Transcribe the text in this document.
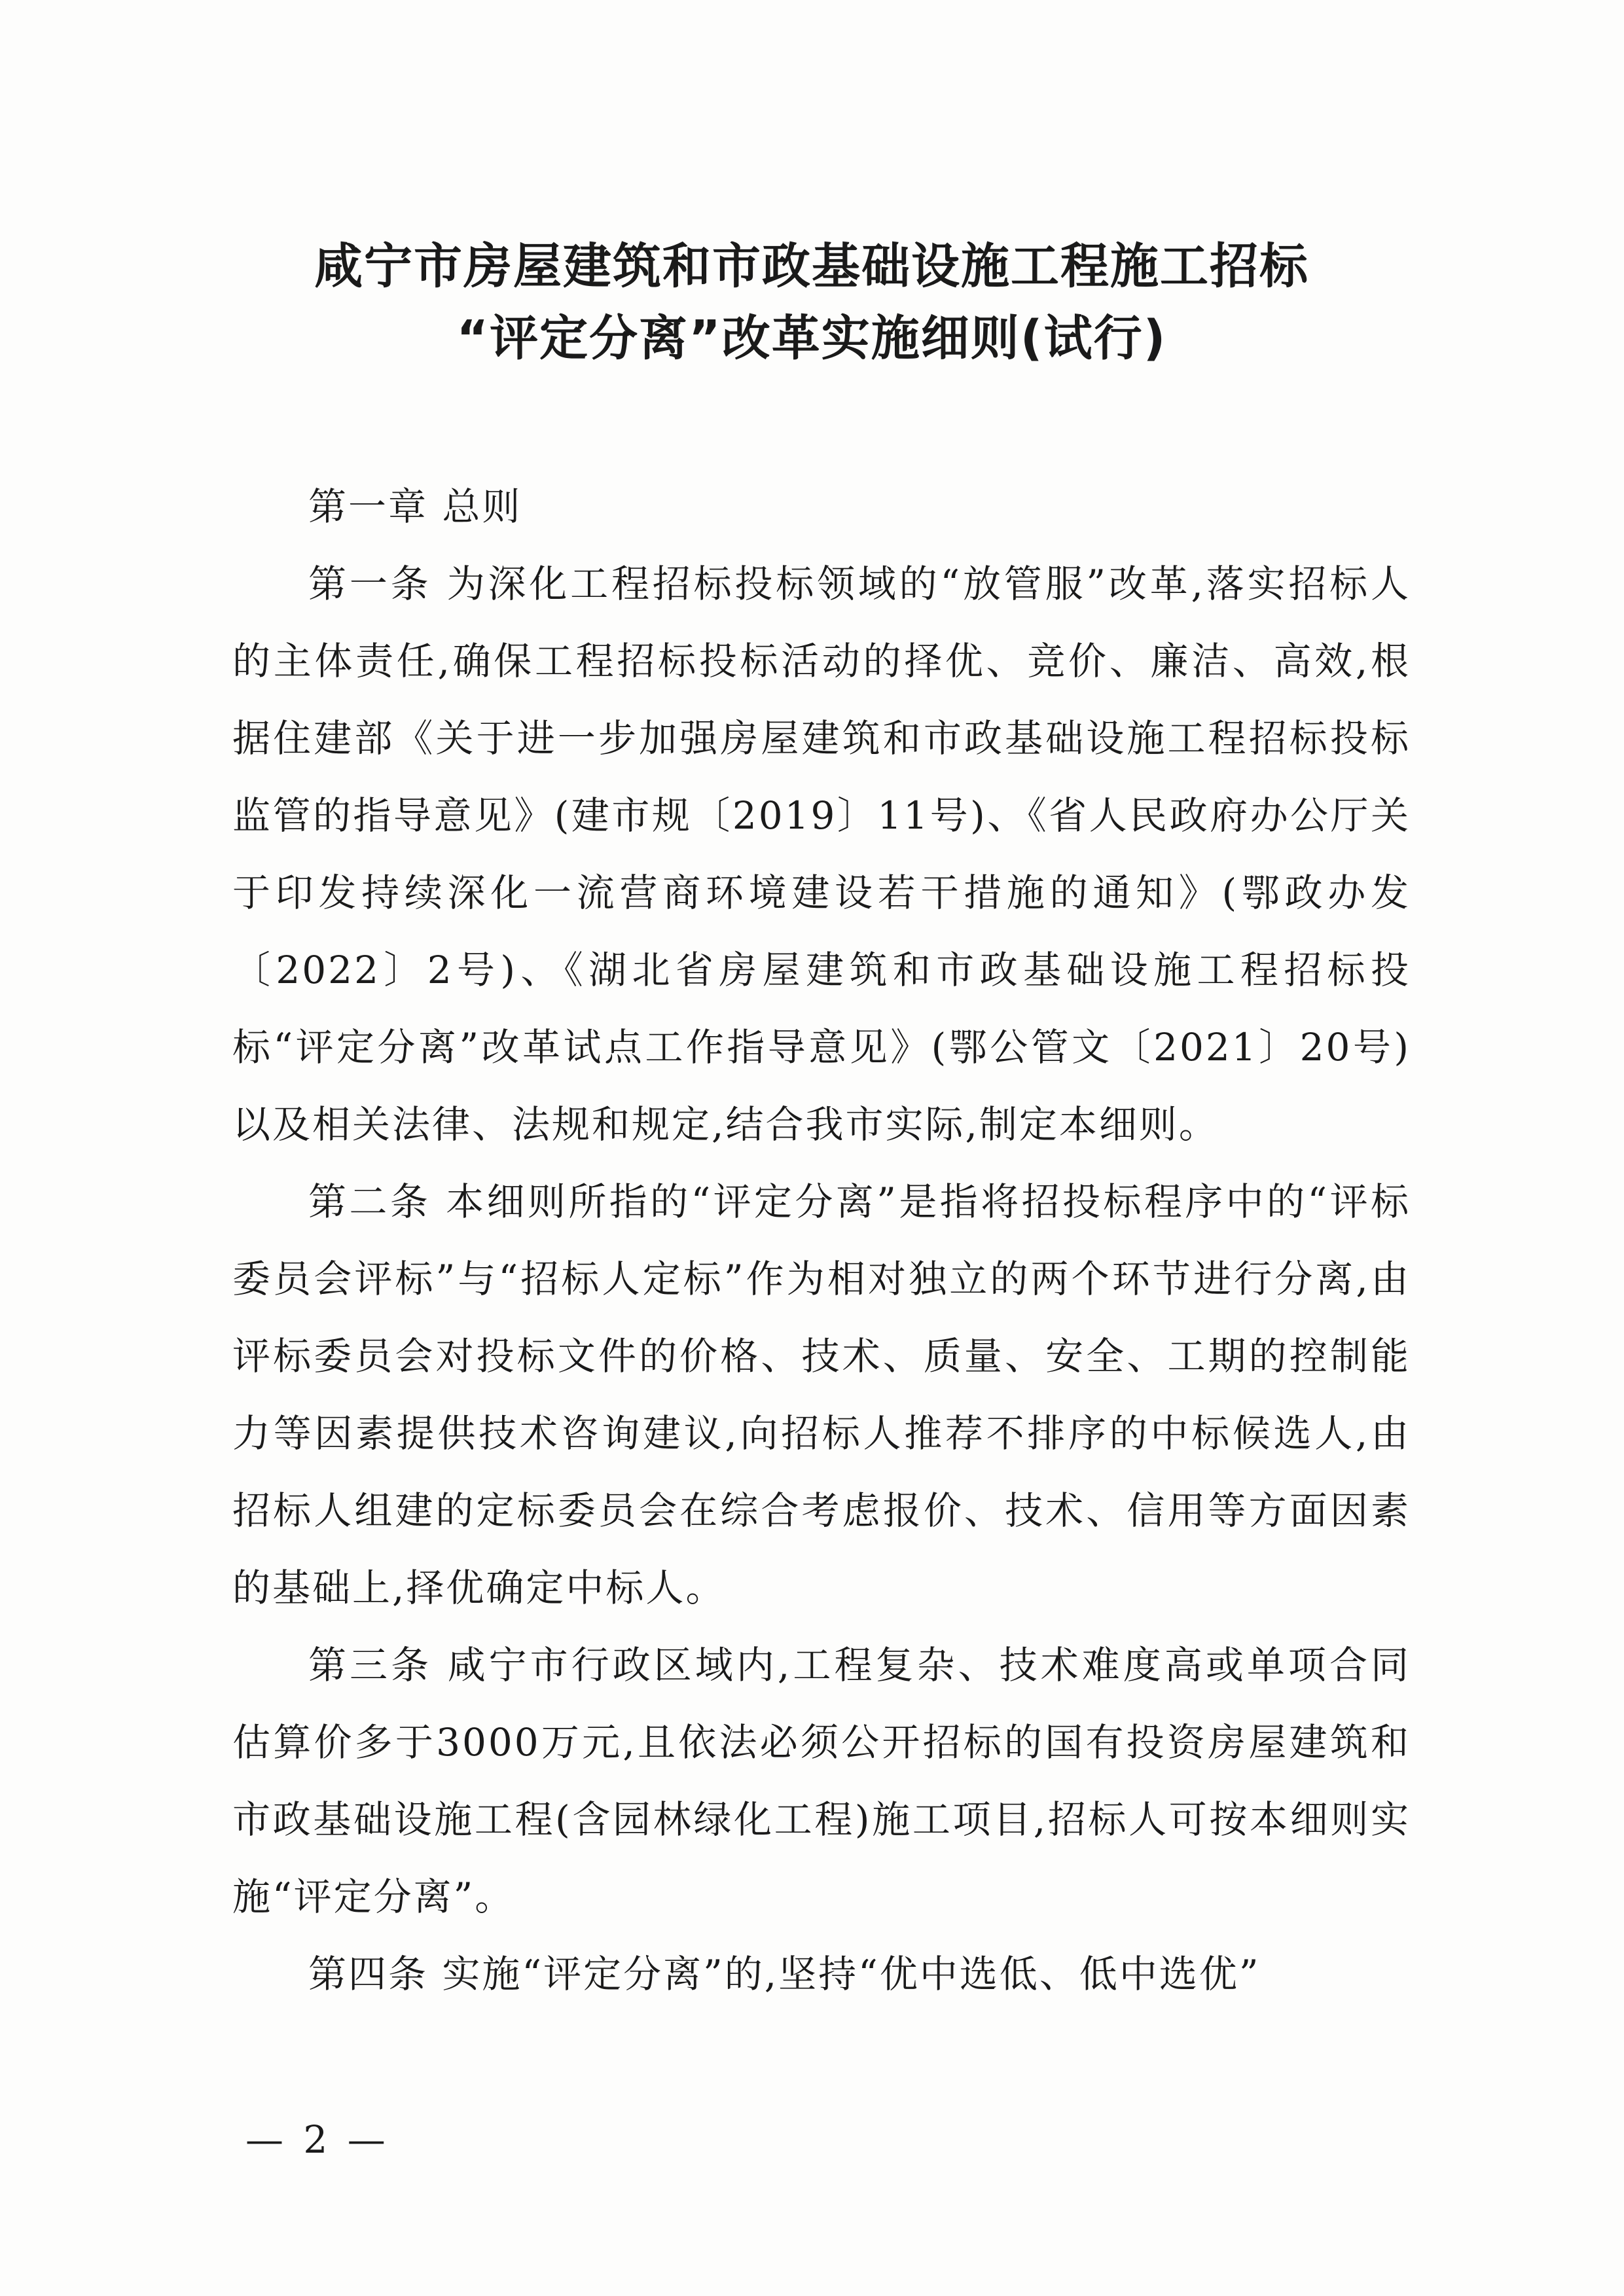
咸宁市房屋建筑和市政基础设施工程施工招标
“评定分离”改革实施细则(试行)

第一章 总则

第一条 为深化工程招标投标领域的“放管服”改革,落实招标人的主体责任,确保工程招标投标活动的择优、竞价、廉洁、高效,根据住建部《关于进一步加强房屋建筑和市政基础设施工程招标投标监管的指导意见》(建市规〔2019〕11号)、《省人民政府办公厅关于印发持续深化一流营商环境建设若干措施的通知》(鄂政办发〔2022〕2号)、《湖北省房屋建筑和市政基础设施工程招标投标“评定分离”改革试点工作指导意见》(鄂公管文〔2021〕20号)以及相关法律、法规和规定,结合我市实际,制定本细则。

第二条 本细则所指的“评定分离”是指将招投标程序中的“评标委员会评标”与“招标人定标”作为相对独立的两个环节进行分离,由评标委员会对投标文件的价格、技术、质量、安全、工期的控制能力等因素提供技术咨询建议,向招标人推荐不排序的中标候选人,由招标人组建的定标委员会在综合考虑报价、技术、信用等方面因素的基础上,择优确定中标人。

第三条 咸宁市行政区域内,工程复杂、技术难度高或单项合同估算价多于3000万元,且依法必须公开招标的国有投资房屋建筑和市政基础设施工程(含园林绿化工程)施工项目,招标人可按本细则实施“评定分离”。

第四条 实施“评定分离”的,坚持“优中选低、低中选优”

— 2 —
